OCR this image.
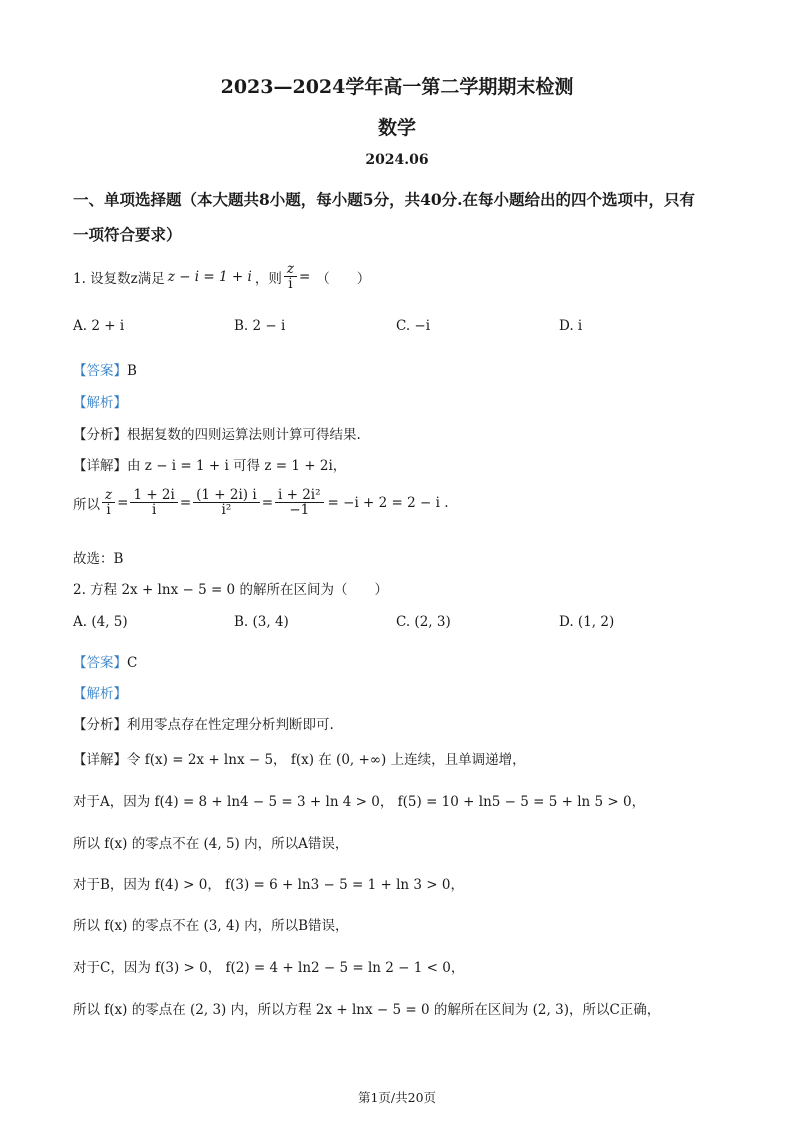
2023—2024学年高一第二学期期末检测
数学
2024.06
一、单项选择题（本大题共8小题，每小题5分，共40分.在每小题给出的四个选项中，只有
一项符合要求）
1. 设复数z满足 z − i = 1 + i ，则 $\frac{z}{i}$ = （　　）
A. 2 + i	B. 2 − i	C. −i	D. i
【答案】B
【解析】
【分析】根据复数的四则运算法则计算可得结果.
【详解】由 z − i = 1 + i 可得 z = 1 + 2i，
所以 $\frac{z}{i} = \frac{1 + 2i}{i} = \frac{(1 + 2i) i}{\text{i²}} = \frac{\text{i + 2i²}}{-1} = -i + 2 = 2 - i$ .
故选：B
2. 方程 2x + lnx − 5 = 0 的解所在区间为（　　）
A. (4, 5)	B. (3, 4)	C. (2, 3)	D. (1, 2)
【答案】C
【解析】
【分析】利用零点存在性定理分析判断即可.
【详解】令 f(x) = 2x + lnx − 5， f(x) 在 (0, +∞) 上连续，且单调递增，
对于A，因为 f(4) = 8 + ln4 − 5 = 3 + ln 4 > 0， f(5) = 10 + ln5 − 5 = 5 + ln 5 > 0，
所以 f(x) 的零点不在 (4, 5) 内，所以A错误，
对于B，因为 f(4) > 0， f(3) = 6 + ln3 − 5 = 1 + ln 3 > 0，
所以 f(x) 的零点不在 (3, 4) 内，所以B错误，
对于C，因为 f(3) > 0， f(2) = 4 + ln2 − 5 = ln 2 − 1 < 0，
所以 f(x) 的零点在 (2, 3) 内，所以方程 2x + lnx − 5 = 0 的解所在区间为 (2, 3)，所以C正确，
第1页/共20页
